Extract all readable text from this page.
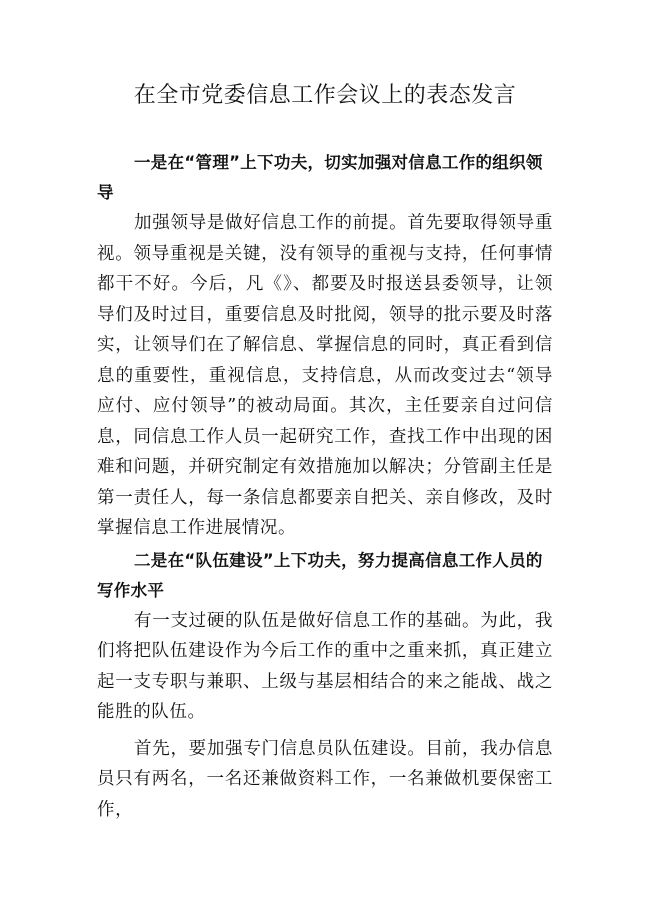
在全市党委信息工作会议上的表态发言

一是在“管理”上下功夫，切实加强对信息工作的组织领导

加强领导是做好信息工作的前提。首先要取得领导重视。领导重视是关键，没有领导的重视与支持，任何事情都干不好。今后，凡《》、都要及时报送县委领导，让领导们及时过目，重要信息及时批阅，领导的批示要及时落实，让领导们在了解信息、掌握信息的同时，真正看到信息的重要性，重视信息，支持信息，从而改变过去“领导应付、应付领导”的被动局面。其次，主任要亲自过问信息，同信息工作人员一起研究工作，查找工作中出现的困难和问题，并研究制定有效措施加以解决；分管副主任是第一责任人，每一条信息都要亲自把关、亲自修改，及时掌握信息工作进展情况。

二是在“队伍建设”上下功夫，努力提高信息工作人员的写作水平

有一支过硬的队伍是做好信息工作的基础。为此，我们将把队伍建设作为今后工作的重中之重来抓，真正建立起一支专职与兼职、上级与基层相结合的来之能战、战之能胜的队伍。

首先，要加强专门信息员队伍建设。目前，我办信息员只有两名，一名还兼做资料工作，一名兼做机要保密工作，
